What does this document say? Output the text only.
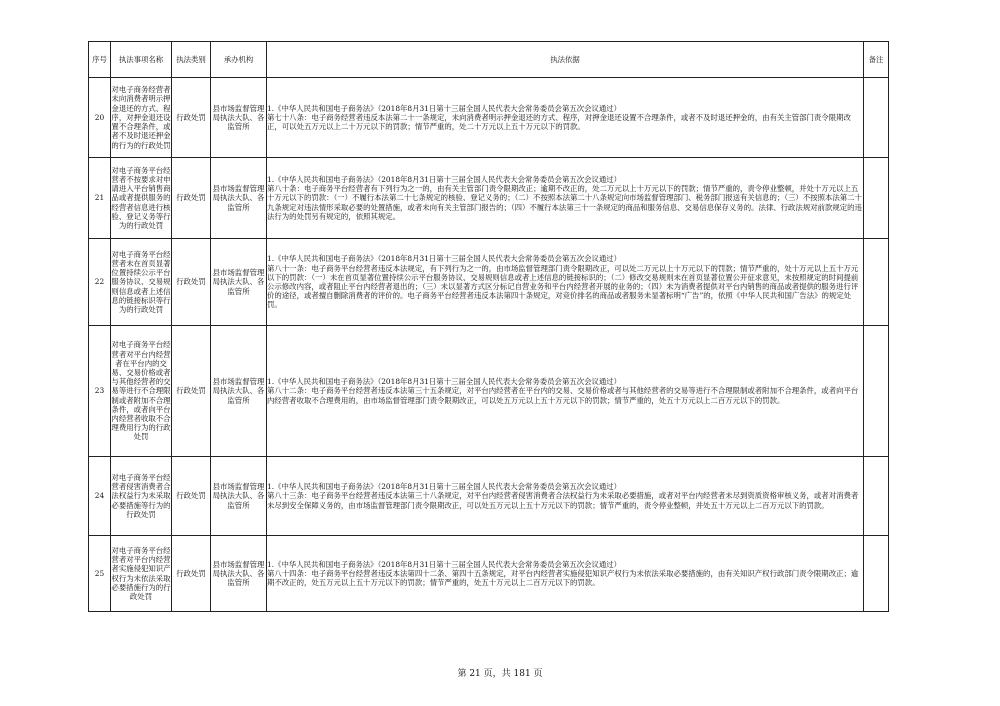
序号	执法事项名称	执法类别	承办机构	执法依据	备注
20	对电子商务经营者未向消费者明示押金退还的方式、程序，对押金退还设置不合理条件，或者不及时退还押金的行为的行政处罚	行政处罚	县市场监督管理局执法大队、各监管所	1.《中华人民共和国电子商务法》（2018年8月31日第十三届全国人民代表大会常务委员会第五次会议通过）

第七十八条：电子商务经营者违反本法第二十一条规定，未向消费者明示押金退还的方式、程序，对押金退还设置不合理条件，或者不及时退还押金的，由有关主管部门责令限期改正，可以处五万元以上二十万元以下的罚款；情节严重的，处二十万元以上五十万元以下的罚款。	

21	对电子商务平台经营者不按要求对申请进入平台销售商品或者提供服务的经营者信息进行核验、登记义务等行为的行政处罚	行政处罚	县市场监督管理局执法大队、各监管所	1.《中华人民共和国电子商务法》（2018年8月31日第十三届全国人民代表大会常务委员会第五次会议通过）

第八十条：电子商务平台经营者有下列行为之一的，由有关主管部门责令限期改正；逾期不改正的，处二万元以上十万元以下的罚款；情节严重的，责令停业整顿，并处十万元以上五十万元以下的罚款：（一）不履行本法第二十七条规定的核验、登记义务的；（二）不按照本法第二十八条规定向市场监督管理部门、税务部门报送有关信息的；（三）不按照本法第二十九条规定对违法情形采取必要的处置措施，或者未向有关主管部门报告的；（四）不履行本法第三十一条规定的商品和服务信息、交易信息保存义务的。法律、行政法规对前款规定的违法行为的处罚另有规定的，依照其规定。	

22	对电子商务平台经营者未在首页显著位置持续公示平台服务协议、交易规则信息或者上述信息的链接标识等行为的行政处罚	行政处罚	县市场监督管理局执法大队、各监管所	1.《中华人民共和国电子商务法》（2018年8月31日第十三届全国人民代表大会常务委员会第五次会议通过）

第八十一条：电子商务平台经营者违反本法规定，有下列行为之一的，由市场监督管理部门责令限期改正，可以处二万元以上十万元以下的罚款；情节严重的，处十万元以上五十万元以下的罚款：（一）未在首页显著位置持续公示平台服务协议、交易规则信息或者上述信息的链接标识的；（二）修改交易规则未在首页显著位置公开征求意见，未按照规定的时间提前公示修改内容，或者阻止平台内经营者退出的；（三）未以显著方式区分标记自营业务和平台内经营者开展的业务的；（四）未为消费者提供对平台内销售的商品或者提供的服务进行评价的途径，或者擅自删除消费者的评价的。电子商务平台经营者违反本法第四十条规定，对竞价排名的商品或者服务未显著标明“广告”的，依照《中华人民共和国广告法》的规定处罚。	

23	对电子商务平台经营者对平台内经营者在平台内的交易、交易价格或者与其他经营者的交易等进行不合理限制或者附加不合理条件，或者向平台内经营者收取不合理费用行为的行政处罚	行政处罚	县市场监督管理局执法大队、各监管所	1.《中华人民共和国电子商务法》（2018年8月31日第十三届全国人民代表大会常务委员会第五次会议通过）

第八十二条：电子商务平台经营者违反本法第三十五条规定，对平台内经营者在平台内的交易、交易价格或者与其他经营者的交易等进行不合理限制或者附加不合理条件，或者向平台内经营者收取不合理费用的，由市场监督管理部门责令限期改正，可以处五万元以上五十万元以下的罚款；情节严重的，处五十万元以上二百万元以下的罚款。	

24	对电子商务平台经营者侵害消费者合法权益行为未采取必要措施等行为的行政处罚	行政处罚	县市场监督管理局执法大队、各监管所	1.《中华人民共和国电子商务法》（2018年8月31日第十三届全国人民代表大会常务委员会第五次会议通过）

第八十三条：电子商务平台经营者违反本法第三十八条规定，对平台内经营者侵害消费者合法权益行为未采取必要措施，或者对平台内经营者未尽到资质资格审核义务，或者对消费者未尽到安全保障义务的，由市场监督管理部门责令限期改正，可以处五万元以上五十万元以下的罚款；情节严重的，责令停业整顿，并处五十万元以上二百万元以下的罚款。	

25	对电子商务平台经营者对平台内经营者实施侵犯知识产权行为未依法采取必要措施行为的行政处罚	行政处罚	县市场监督管理局执法大队、各监管所	1.《中华人民共和国电子商务法》（2018年8月31日第十三届全国人民代表大会常务委员会第五次会议通过）

第八十四条：电子商务平台经营者违反本法第四十二条、第四十五条规定，对平台内经营者实施侵犯知识产权行为未依法采取必要措施的，由有关知识产权行政部门责令限期改正；逾期不改正的，处五万元以上五十万元以下的罚款；情节严重的，处五十万元以上二百万元以下的罚款。	

第 21 页，共 181 页
